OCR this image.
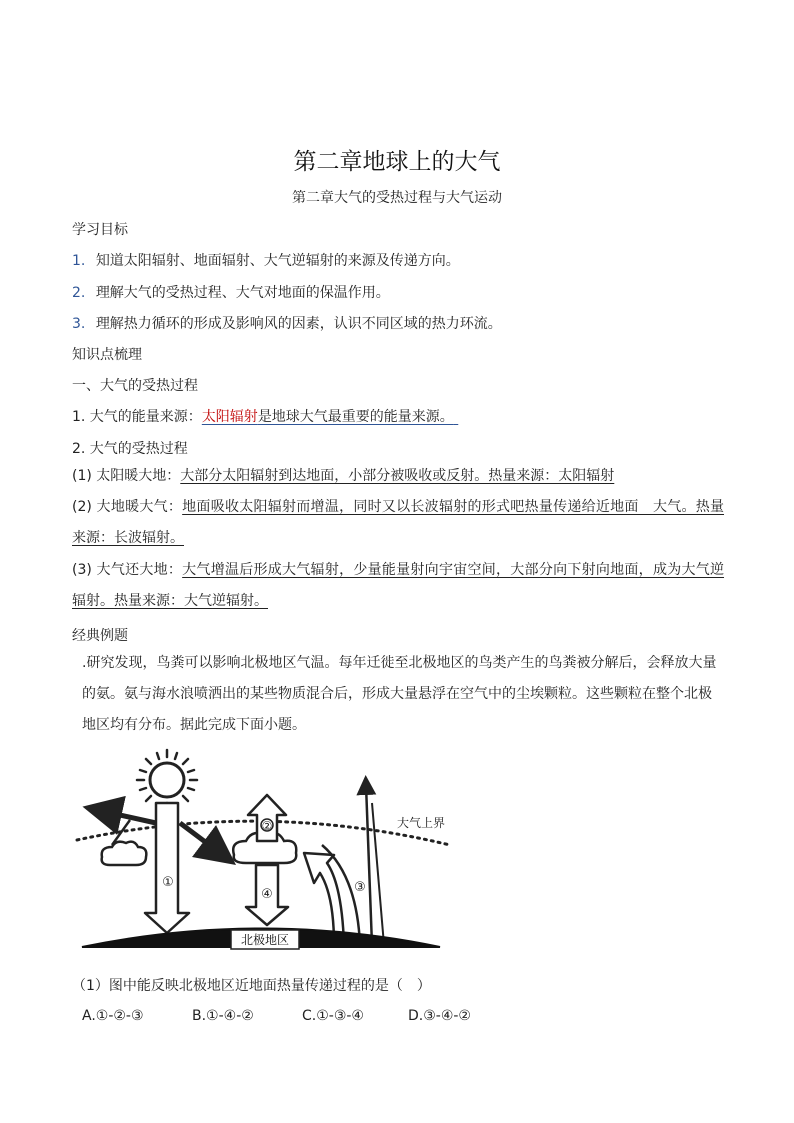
第二章地球上的大气
第二章大气的受热过程与大气运动
学习目标
1. 知道太阳辐射、地面辐射、大气逆辐射的来源及传递方向。
2. 理解大气的受热过程、大气对地面的保温作用。
3. 理解热力循环的形成及影响风的因素，认识不同区域的热力环流。
知识点梳理
一、大气的受热过程
1. 大气的能量来源：太阳辐射是地球大气最重要的能量来源。
2. 大气的受热过程
(1) 太阳暖大地：大部分太阳辐射到达地面，小部分被吸收或反射。热量来源：太阳辐射
(2) 大地暖大气：地面吸收太阳辐射而增温，同时又以长波辐射的形式吧热量传递给近地面　大气。热量来源：长波辐射。
(3) 大气还大地：大气增温后形成大气辐射，少量能量射向宇宙空间，大部分向下射向地面，成为大气逆辐射。热量来源：大气逆辐射。
经典例题
.研究发现，鸟粪可以影响北极地区气温。每年迁徙至北极地区的鸟类产生的鸟粪被分解后，会释放大量的氨。氨与海水浪喷洒出的某些物质混合后，形成大量悬浮在空气中的尘埃颗粒。这些颗粒在整个北极地区均有分布。据此完成下面小题。
①
②
④	③
大气上界
北极地区
（1）图中能反映北极地区近地面热量传递过程的是（　）
A.①-②-③	B.①-④-②	C.①-③-④	D.③-④-②
